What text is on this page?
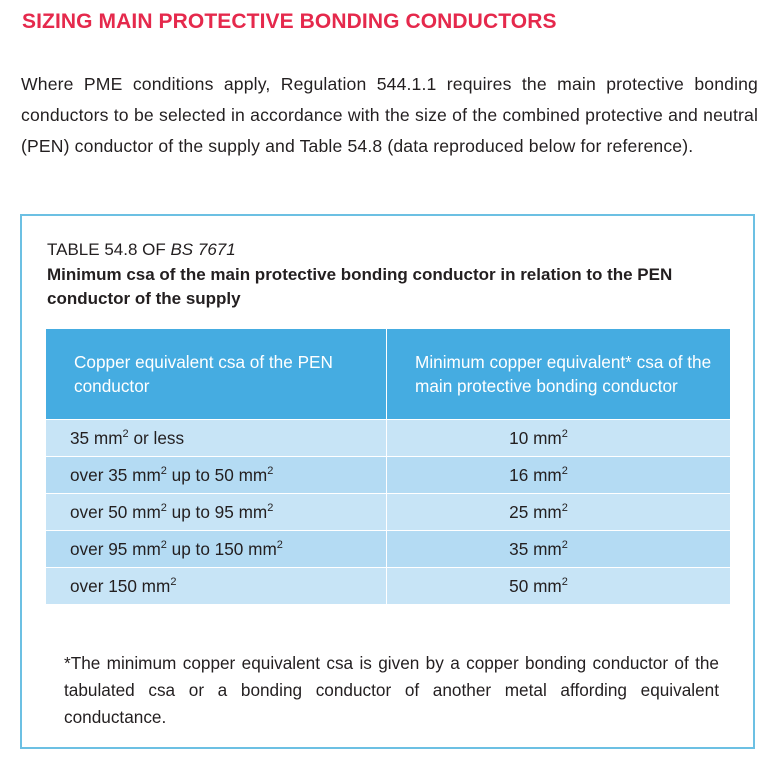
SIZING MAIN PROTECTIVE BONDING CONDUCTORS

Where PME conditions apply, Regulation 544.1.1 requires the main protective bonding conductors to be selected in accordance with the size of the combined protective and neutral (PEN) conductor of the supply and Table 54.8 (data reproduced below for reference).

TABLE 54.8 OF BS 7671
Minimum csa of the main protective bonding conductor in relation to the PEN conductor of the supply
Copper equivalent csa of the PEN conductor	Minimum copper equivalent* csa of the main protective bonding conductor
35 $mm^2$ or less	10 $mm^2$
over 35 $mm^2$ up to 50 $mm^2$	16 $mm^2$
over 50 $mm^2$ up to 95 $mm^2$	25 $mm^2$
over 95 $mm^2$ up to 150 $mm^2$	35 $mm^2$
over 150 $mm^2$	50 $mm^2$
*The minimum copper equivalent csa is given by a copper bonding conductor of the tabulated csa or a bonding conductor of another metal affording equivalent conductance.
